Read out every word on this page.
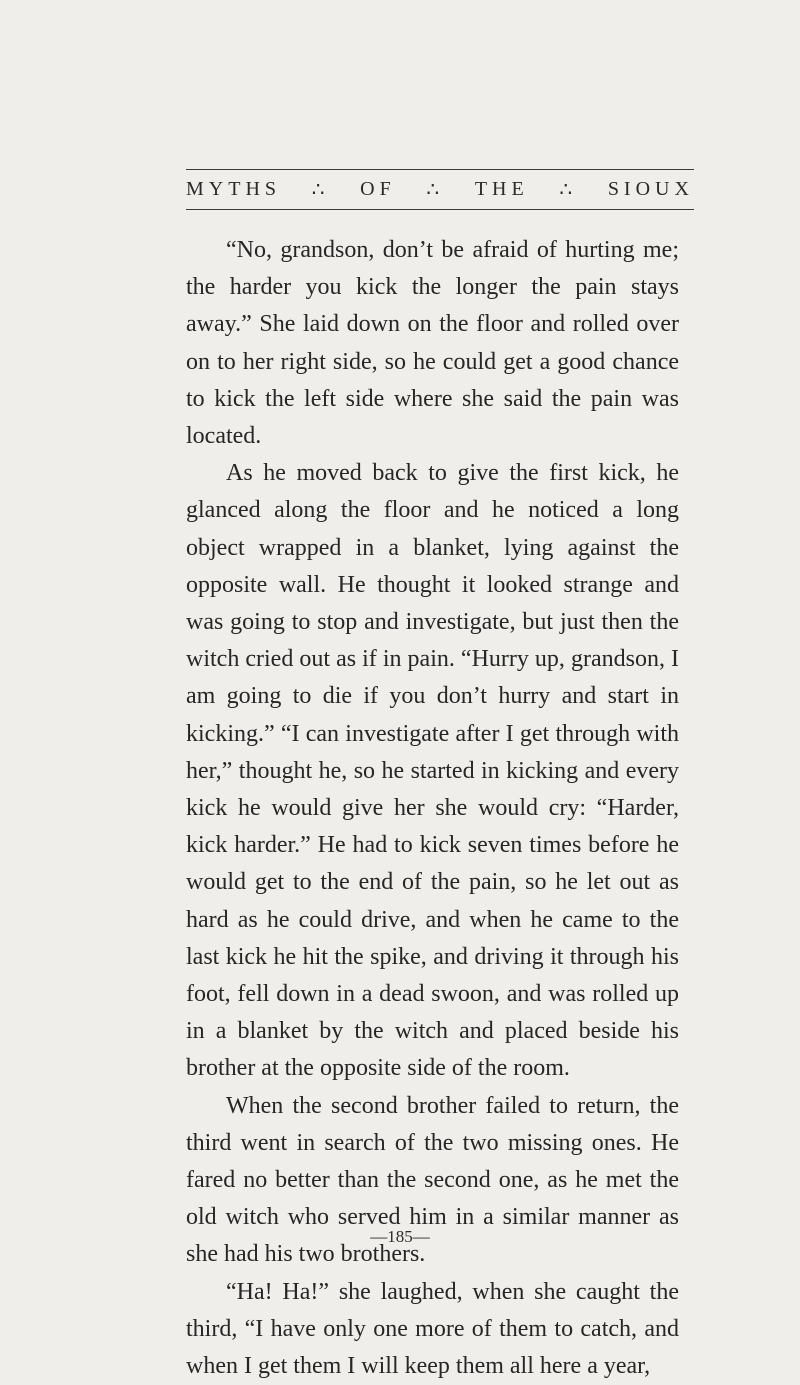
MYTHS ∴ OF ∴ THE ∴ SIOUX

“No, grandson, don’t be afraid of hurting me; the harder you kick the longer the pain stays away.” She laid down on the floor and rolled over on to her right side, so he could get a good chance to kick the left side where she said the pain was located.

As he moved back to give the first kick, he glanced along the floor and he noticed a long object wrapped in a blanket, lying against the opposite wall. He thought it looked strange and was going to stop and investigate, but just then the witch cried out as if in pain. “Hurry up, grandson, I am going to die if you don’t hurry and start in kicking.” “I can investigate after I get through with her,” thought he, so he started in kicking and every kick he would give her she would cry: “Harder, kick harder.” He had to kick seven times before he would get to the end of the pain, so he let out as hard as he could drive, and when he came to the last kick he hit the spike, and driving it through his foot, fell down in a dead swoon, and was rolled up in a blanket by the witch and placed beside his brother at the opposite side of the room.

When the second brother failed to return, the third went in search of the two missing ones. He fared no better than the second one, as he met the old witch who served him in a similar manner as she had his two brothers.

“Ha! Ha!” she laughed, when she caught the third, “I have only one more of them to catch, and when I get them I will keep them all here a year,

—185—
